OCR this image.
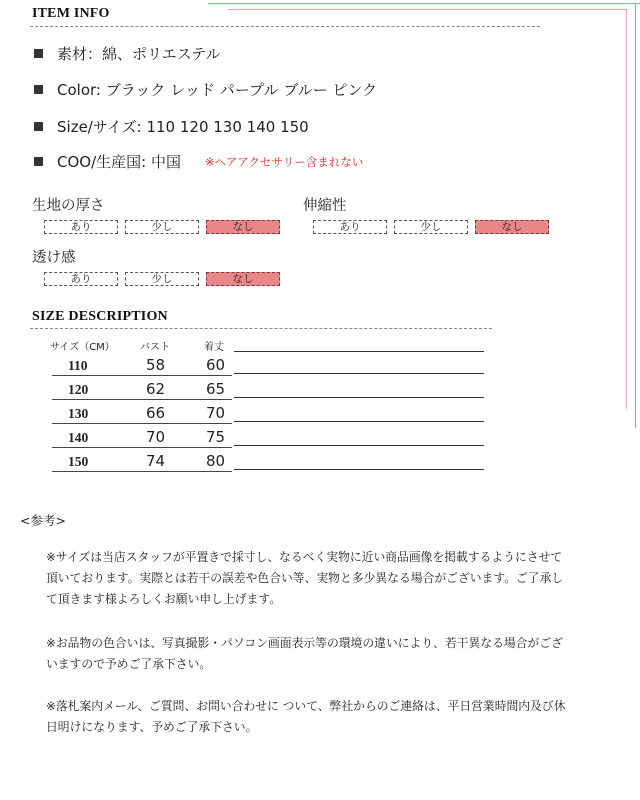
ITEM INFO
素材：綿、ポリエステル
Color: ブラック レッド パープル ブルー ピンク
Size/サイズ: 110 120 130 140 150
COO/生産国: 中国 ※ヘアアクセサリー含まれない
生地の厚さ
あり	少し	なし
伸縮性
あり	少し	なし
透け感
あり	少し	なし
SIZE DESCRIPTION
サイズ（CM）	バスト	着丈
110	58	60
120	62	65
130	66	70
140	70	75
150	74	80
<参考>
※サイズは当店スタッフが平置きで採寸し、なるべく実物に近い商品画像を掲載するようにさせて頂いております。実際とは若干の誤差や色合い等、実物と多少異なる場合がございます。ご了承して頂きます様よろしくお願い申し上げます。
※お品物の色合いは、写真撮影・パソコン画面表示等の環境の違いにより、若干異なる場合がございますので予めご了承下さい。
※落札案内メール、ご質問、お問い合わせに ついて、弊社からのご連絡は、平日営業時間内及び休日明けになります、予めご了承下さい。
